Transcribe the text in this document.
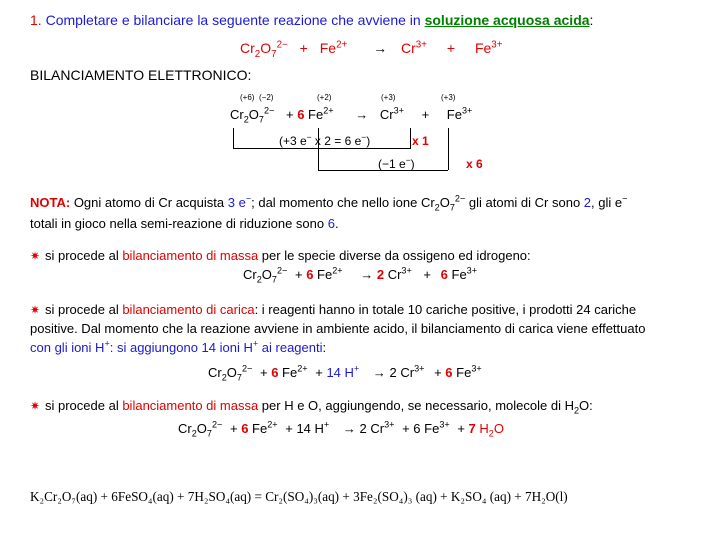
1. Completare e bilanciare la seguente reazione che avviene in soluzione acquosa acida:
$Cr_2O_7^{2-} + Fe^{2+} \to Cr^{3+} + Fe^{3+}$
BILANCIAMENTO ELETTRONICO:
(+6) (−2)	(+2)	(+3)	(+3)
$Cr_2O_7^{2-} + 6$ $Fe^{2+} \to Cr^{3+} + Fe^{3+}$
(+3 e− x 2 = 6 e−)	x 1
(−1 e−)	x 6
NOTA: Ogni atomo di Cr acquista 3 e−; dal momento che nello ione $Cr_2O_7^{2-}$ gli atomi di Cr sono 2, gli e−
totali in gioco nella semi-reazione di riduzione sono 6.
✷ si procede al bilanciamento di massa per le specie diverse da ossigeno ed idrogeno:
$Cr_2O_7^{2-} + 6$ $Fe^{2+} \to 2$ $Cr^{3+} + 6$ $Fe^{3+}$
✷ si procede al bilanciamento di carica: i reagenti hanno in totale 10 cariche positive, i prodotti 24 cariche
positive. Dal momento che la reazione avviene in ambiente acido, il bilanciamento di carica viene effettuato
con gli ioni H+: si aggiungono 14 ioni H+ ai reagenti:
$Cr_2O_7^{2-} + 6$ $Fe^{2+} + 14$ H+ → 2 $Cr^{3+} + 6$ $Fe^{3+}$
✷ si procede al bilanciamento di massa per H e O, aggiungendo, se necessario, molecole di $H_2O$:
$Cr_2O_7^{2-} + 6$ $Fe^{2+} + 14$ H+ → 2 $Cr^{3+} + 6$ $Fe^{3+} + 7$ $H_2O$
K₂Cr₂O₇(aq) + 6FeSO₄(aq) + 7H₂SO₄(aq) = Cr₂(SO₄)₃(aq) + 3Fe₂(SO₄)₃ (aq) + K₂SO₄ (aq) + 7H₂O(l)
